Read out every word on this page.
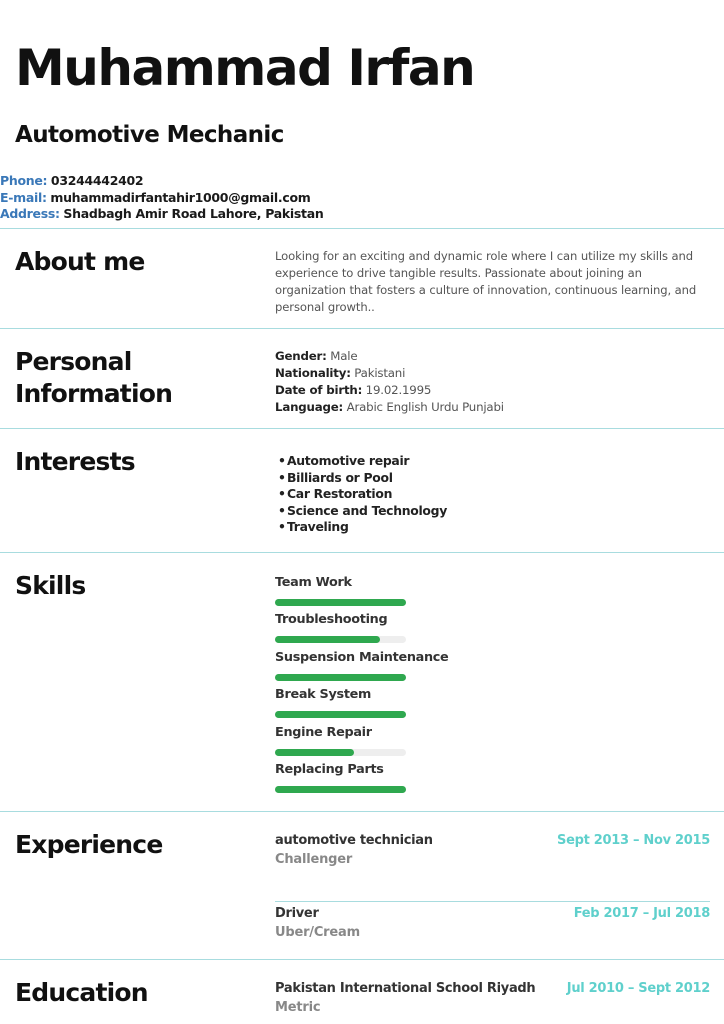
Muhammad Irfan
Automotive Mechanic
Phone: 03244442402
E-mail: muhammadirfantahir1000@gmail.com
Address: Shadbagh Amir Road Lahore, Pakistan
About me	Looking for an exciting and dynamic role where I can utilize my skills and experience to drive tangible results. Passionate about joining an organization that fosters a culture of innovation, continuous learning, and personal growth..
Personal
Information
Gender: Male
Nationality: Pakistani
Date of birth: 19.02.1995
Language: Arabic English Urdu Punjabi
Interests	•Automotive repair
•Billiards or Pool
•Car Restoration
•Science and Technology
•Traveling
Skills	Team Work
Troubleshooting
Suspension Maintenance
Break System
Engine Repair
Replacing Parts
Experience	automotive technician
Challenger
Sept 2013 – Nov 2015
Driver
Uber/Cream
Feb 2017 – Jul 2018
Education	Pakistan International School Riyadh
Metric
Jul 2010 – Sept 2012
